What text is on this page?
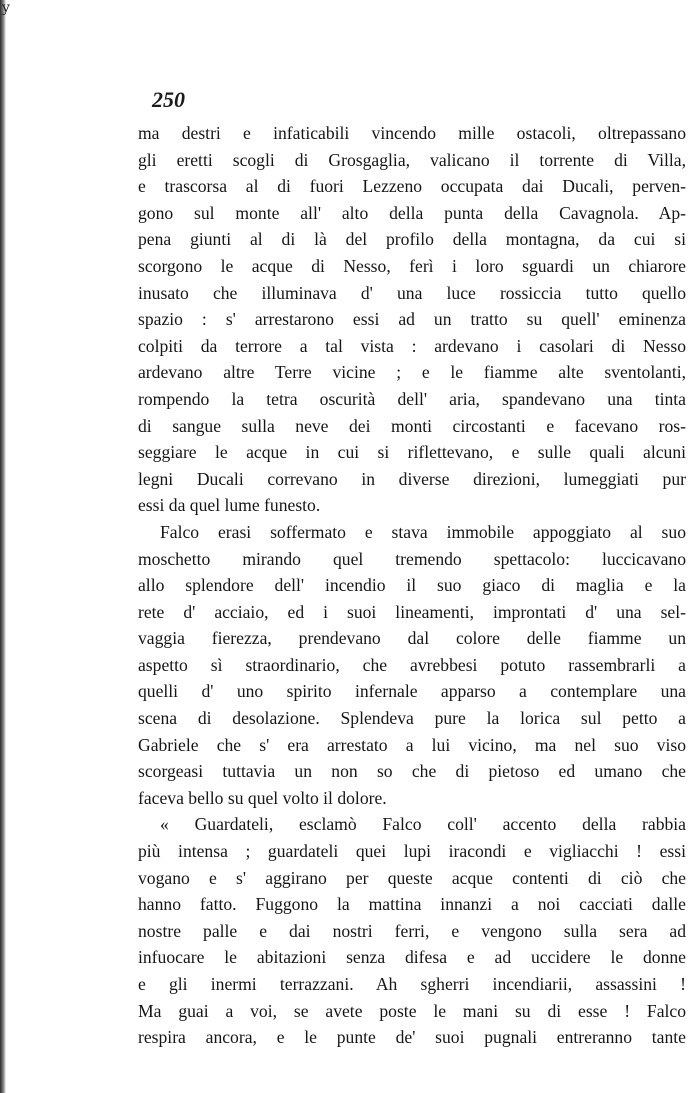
y
250
ma destri e infaticabili vincendo mille ostacoli, oltrepassano
gli eretti scogli di Grosgaglia, valicano il torrente di Villa,
e trascorsa al di fuori Lezzeno occupata dai Ducali, perven-
gono sul monte all' alto della punta della Cavagnola. Ap-
pena giunti al di là del profilo della montagna, da cui si
scorgono le acque di Nesso, ferì i loro sguardi un chiarore
inusato che illuminava d' una luce rossiccia tutto quello
spazio : s' arrestarono essi ad un tratto su quell' eminenza
colpiti da terrore a tal vista : ardevano i casolari di Nesso
ardevano altre Terre vicine ; e le fiamme alte sventolanti,
rompendo la tetra oscurità dell' aria, spandevano una tinta
di sangue sulla neve dei monti circostanti e facevano ros-
seggiare le acque in cui si riflettevano, e sulle quali alcuni
legni Ducali correvano in diverse direzioni, lumeggiati pur
essi da quel lume funesto.
Falco erasi soffermato e stava immobile appoggiato al suo
moschetto mirando quel tremendo spettacolo: luccicavano
allo splendore dell' incendio il suo giaco di maglia e la
rete d' acciaio, ed i suoi lineamenti, improntati d' una sel-
vaggia fierezza, prendevano dal colore delle fiamme un
aspetto sì straordinario, che avrebbesi potuto rassembrarli a
quelli d' uno spirito infernale apparso a contemplare una
scena di desolazione. Splendeva pure la lorica sul petto a
Gabriele che s' era arrestato a lui vicino, ma nel suo viso
scorgeasi tuttavia un non so che di pietoso ed umano che
faceva bello su quel volto il dolore.
« Guardateli, esclamò Falco coll' accento della rabbia
più intensa ; guardateli quei lupi iracondi e vigliacchi ! essi
vogano e s' aggirano per queste acque contenti di ciò che
hanno fatto. Fuggono la mattina innanzi a noi cacciati dalle
nostre palle e dai nostri ferri, e vengono sulla sera ad
infuocare le abitazioni senza difesa e ad uccidere le donne
e gli inermi terrazzani. Ah sgherri incendiarii, assassini !
Ma guai a voi, se avete poste le mani su di esse ! Falco
respira ancora, e le punte de' suoi pugnali entreranno tante
